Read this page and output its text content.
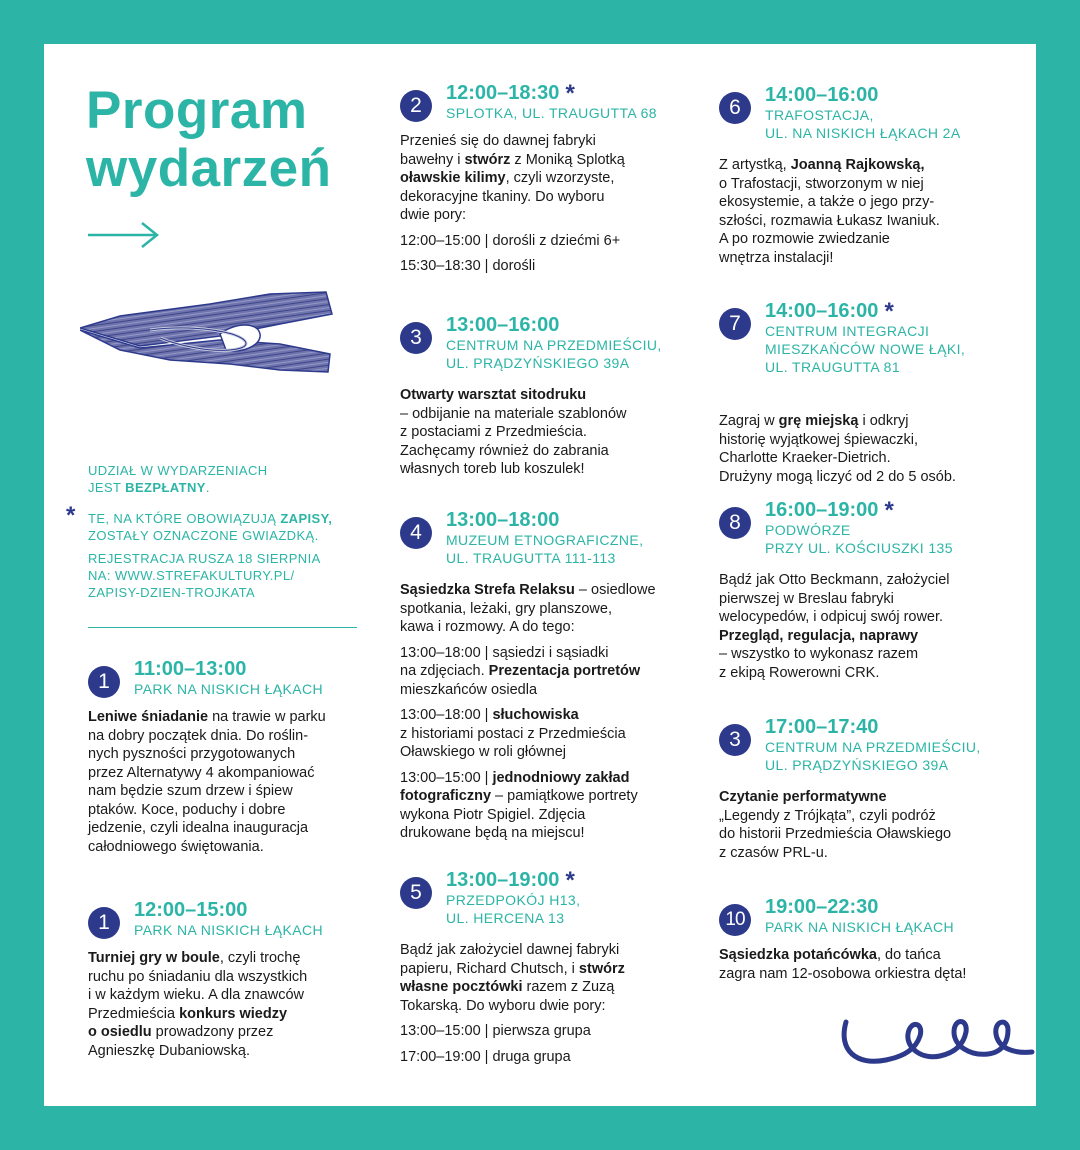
Program
wydarzeń
UDZIAŁ W WYDARZENIACH
JEST BEZPŁATNY.
* TE, NA KTÓRE OBOWIĄZUJĄ ZAPISY,
ZOSTAŁY OZNACZONE GWIAZDKĄ.
REJESTRACJA RUSZA 18 SIERPNIA
NA: WWW.STREFAKULTURY.PL/
ZAPISY-DZIEN-TROJKATA
1
11:00–13:00
PARK NA NISKICH ŁĄKACH

Leniwe śniadanie na trawie w parku

na dobry początek dnia. Do roślin-

nych pyszności przygotowanych

przez Alternatywy 4 akompaniować

nam będzie szum drzew i śpiew

ptaków. Koce, poduchy i dobre

jedzenie, czyli idealna inauguracja

całodniowego świętowania.

1
12:00–15:00
PARK NA NISKICH ŁĄKACH

Turniej gry w boule, czyli trochę

ruchu po śniadaniu dla wszystkich

i w każdym wieku. A dla znawców

Przedmieścia konkurs wiedzy

o osiedlu prowadzony przez

Agnieszkę Dubaniowską.

2
12:00–18:30 *
SPLOTKA, UL. TRAUGUTTA 68

Przenieś się do dawnej fabryki

bawełny i stwórz z Moniką Splotką

oławskie kilimy, czyli wzorzyste,

dekoracyjne tkaniny. Do wyboru

dwie pory:

12:00–15:00 | dorośli z dziećmi 6+

15:30–18:30 | dorośli

3
13:00–16:00
CENTRUM NA PRZEDMIEŚCIU,
UL. PRĄDZYŃSKIEGO 39A

Otwarty warsztat sitodruku

– odbijanie na materiale szablonów

z postaciami z Przedmieścia.

Zachęcamy również do zabrania

własnych toreb lub koszulek!

4
13:00–18:00
MUZEUM ETNOGRAFICZNE,
UL. TRAUGUTTA 111-113

Sąsiedzka Strefa Relaksu – osiedlowe

spotkania, leżaki, gry planszowe,

kawa i rozmowy. A do tego:

13:00–18:00 | sąsiedzi i sąsiadki

na zdjęciach. Prezentacja portretów

mieszkańców osiedla

13:00–18:00 | słuchowiska

z historiami postaci z Przedmieścia

Oławskiego w roli głównej

13:00–15:00 | jednodniowy zakład

fotograficzny – pamiątkowe portrety

wykona Piotr Spigiel. Zdjęcia

drukowane będą na miejscu!

5
13:00–19:00 *
PRZEDPOKÓJ H13,
UL. HERCENA 13

Bądź jak założyciel dawnej fabryki

papieru, Richard Chutsch, i stwórz

własne pocztówki razem z Zuzą

Tokarską. Do wyboru dwie pory:

13:00–15:00 | pierwsza grupa

17:00–19:00 | druga grupa

6
14:00–16:00
TRAFOSTACJA,
UL. NA NISKICH ŁĄKACH 2A

Z artystką, Joanną Rajkowską,

o Trafostacji, stworzonym w niej

ekosystemie, a także o jego przy-

szłości, rozmawia Łukasz Iwaniuk.

A po rozmowie zwiedzanie

wnętrza instalacji!

7
14:00–16:00 *
CENTRUM INTEGRACJI
MIESZKAŃCÓW NOWE ŁĄKI,
UL. TRAUGUTTA 81

Zagraj w grę miejską i odkryj

historię wyjątkowej śpiewaczki,

Charlotte Kraeker-Dietrich.

Drużyny mogą liczyć od 2 do 5 osób.

8
16:00–19:00 *
PODWÓRZE
PRZY UL. KOŚCIUSZKI 135

Bądź jak Otto Beckmann, założyciel

pierwszej w Breslau fabryki

welocypedów, i odpicuj swój rower.

Przegląd, regulacja, naprawy

– wszystko to wykonasz razem

z ekipą Rowerowni CRK.

3
17:00–17:40
CENTRUM NA PRZEDMIEŚCIU,
UL. PRĄDZYŃSKIEGO 39A

Czytanie performatywne

„Legendy z Trójkąta”, czyli podróż

do historii Przedmieścia Oławskiego

z czasów PRL-u.

10
19:00–22:30
PARK NA NISKICH ŁĄKACH

Sąsiedzka potańcówka, do tańca

zagra nam 12-osobowa orkiestra dęta!
